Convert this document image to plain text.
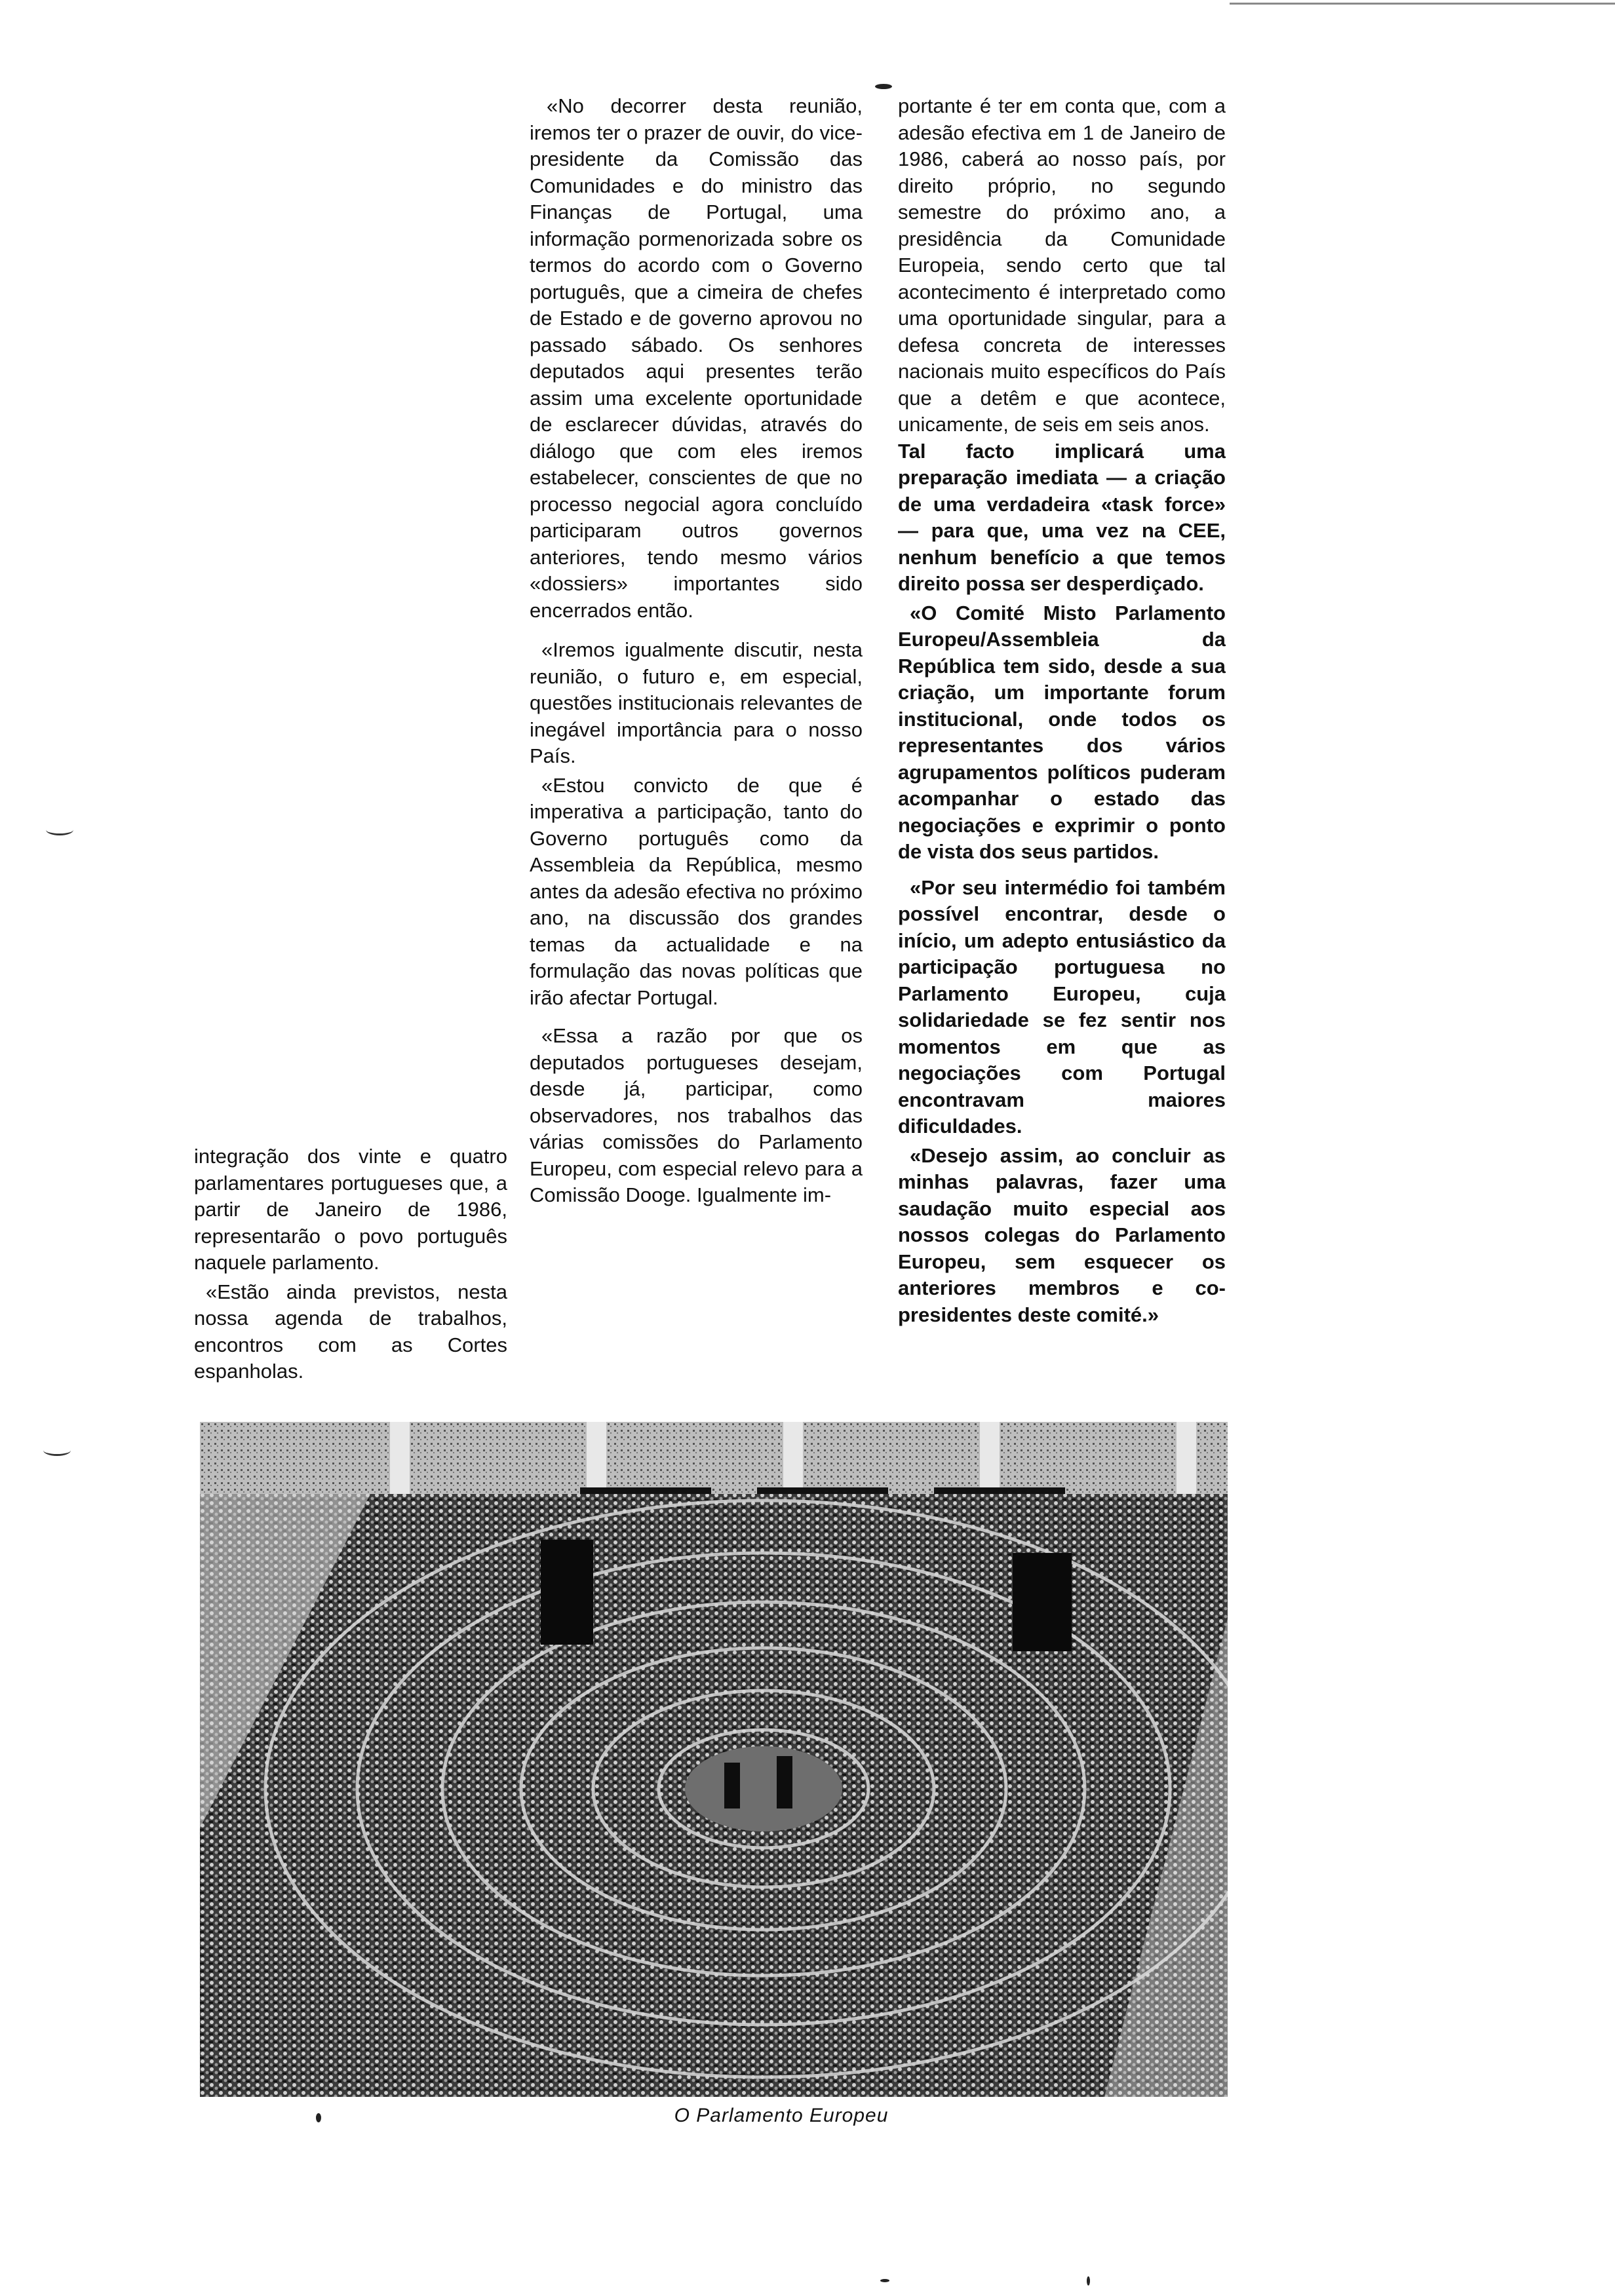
integração dos vinte e quatro parlamentares portugueses que, a partir de Janeiro de 1986, representarão o povo português naquele parlamento.

«Estão ainda previstos, nesta nossa agenda de trabalhos, encontros com as Cortes espanholas.

«No decorrer desta reunião, iremos ter o prazer de ouvir, do vice-presidente da Comissão das Comunidades e do ministro das Finanças de Portugal, uma informação pormenorizada sobre os termos do acordo com o Governo português, que a cimeira de chefes de Estado e de governo aprovou no passado sábado. Os senhores deputados aqui presentes terão assim uma excelente oportunidade de esclarecer dúvidas, através do diálogo que com eles iremos estabelecer, conscientes de que no processo negocial agora concluído participaram outros governos anteriores, tendo mesmo vários «dossiers» importantes sido encerrados então.

«Iremos igualmente discutir, nesta reunião, o futuro e, em especial, questões institucionais relevantes de inegável importância para o nosso País.

«Estou convicto de que é imperativa a participação, tanto do Governo português como da Assembleia da República, mesmo antes da adesão efectiva no próximo ano, na discussão dos grandes temas da actualidade e na formulação das novas políticas que irão afectar Portugal.

«Essa a razão por que os deputados portugueses desejam, desde já, participar, como observadores, nos trabalhos das várias comissões do Parlamento Europeu, com especial relevo para a Comissão Dooge. Igualmente im-

portante é ter em conta que, com a adesão efectiva em 1 de Janeiro de 1986, caberá ao nosso país, por direito próprio, no segundo semestre do próximo ano, a presidência da Comunidade Europeia, sendo certo que tal acontecimento é interpretado como uma oportunidade singular, para a defesa concreta de interesses nacionais muito específicos do País que a detêm e que acontece, unicamente, de seis em seis anos.

Tal facto implicará uma preparação imediata — a criação de uma verdadeira «task force» — para que, uma vez na CEE, nenhum benefício a que temos direito possa ser desperdiçado.

«O Comité Misto Parlamento Europeu/Assembleia da República tem sido, desde a sua criação, um importante forum institucional, onde todos os representantes dos vários agrupamentos políticos puderam acompanhar o estado das negociações e exprimir o ponto de vista dos seus partidos.

«Por seu intermédio foi também possível encontrar, desde o início, um adepto entusiástico da participação portuguesa no Parlamento Europeu, cuja solidariedade se fez sentir nos momentos em que as negociações com Portugal encontravam maiores dificuldades.

«Desejo assim, ao concluir as minhas palavras, fazer uma saudação muito especial aos nossos colegas do Parlamento Europeu, sem esquecer os anteriores membros e co-presidentes deste comité.»

O Parlamento Europeu
